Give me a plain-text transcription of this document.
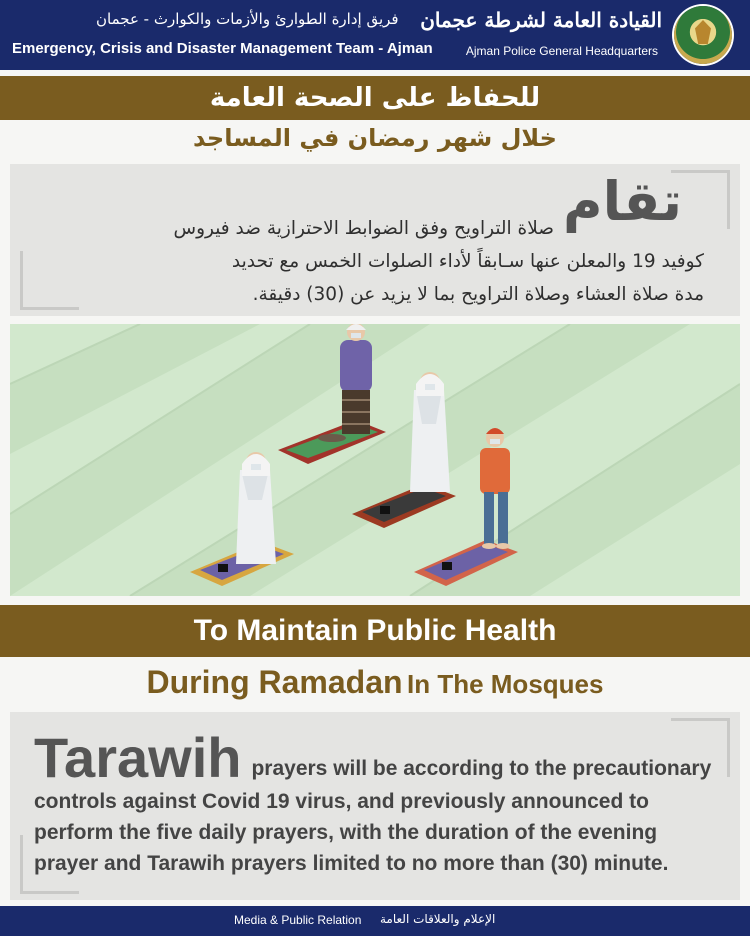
القيادة العامة لشرطة عجمان
Ajman Police General Headquarters
فريق إدارة الطوارئ والأزمات والكوارث - عجمان
Emergency, Crisis and Disaster Management Team - Ajman
للحفاظ على الصحة العامة
خلال شهر رمضان في المساجد
تقام
صلاة التراويح وفق الضوابط الاحترازية ضد فيروس
كوفيد 19 والمعلن عنها سـابقاً لأداء الصلوات الخمس مع تحديد
مدة صلاة العشاء وصلاة التراويح بما لا يزيد عن (30) دقيقة.
To Maintain Public Health
During Ramadan In The Mosques
Tarawih prayers will be according to the precautionary controls against Covid 19 virus, and previously announced to perform the five daily prayers, with the duration of the evening prayer and Tarawih prayers limited to no more than (30) minute.
Media & Public Relation الإعلام والعلاقات العامة
